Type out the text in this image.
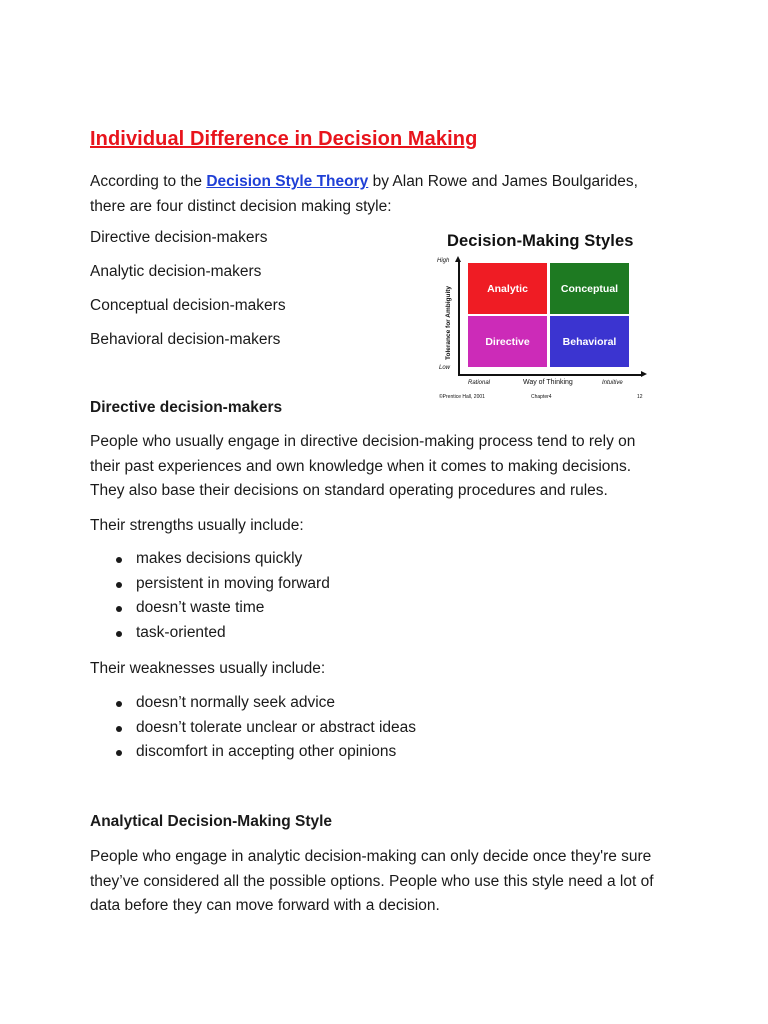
Individual Difference in Decision Making
According to the Decision Style Theory by Alan Rowe and James Boulgarides,
there are four distinct decision making style:
Directive decision-makers
Analytic decision-makers
Conceptual decision-makers
Behavioral decision-makers
Decision-Making Styles
High
Low
Tolerance for Ambiguity	Analytic	Conceptual
Directive	Behavioral
Rational	Way of Thinking	Intuitive
©Prentice Hall, 2001	Chapter4	12
Directive decision-makers
People who usually engage in directive decision-making process tend to rely on
their past experiences and own knowledge when it comes to making decisions.
They also base their decisions on standard operating procedures and rules.
Their strengths usually include:
makes decisions quickly
persistent in moving forward
doesn’t waste time
task-oriented
Their weaknesses usually include:
doesn’t normally seek advice
doesn’t tolerate unclear or abstract ideas
discomfort in accepting other opinions
Analytical Decision-Making Style
People who engage in analytic decision-making can only decide once they're sure
they’ve considered all the possible options. People who use this style need a lot of
data before they can move forward with a decision.
